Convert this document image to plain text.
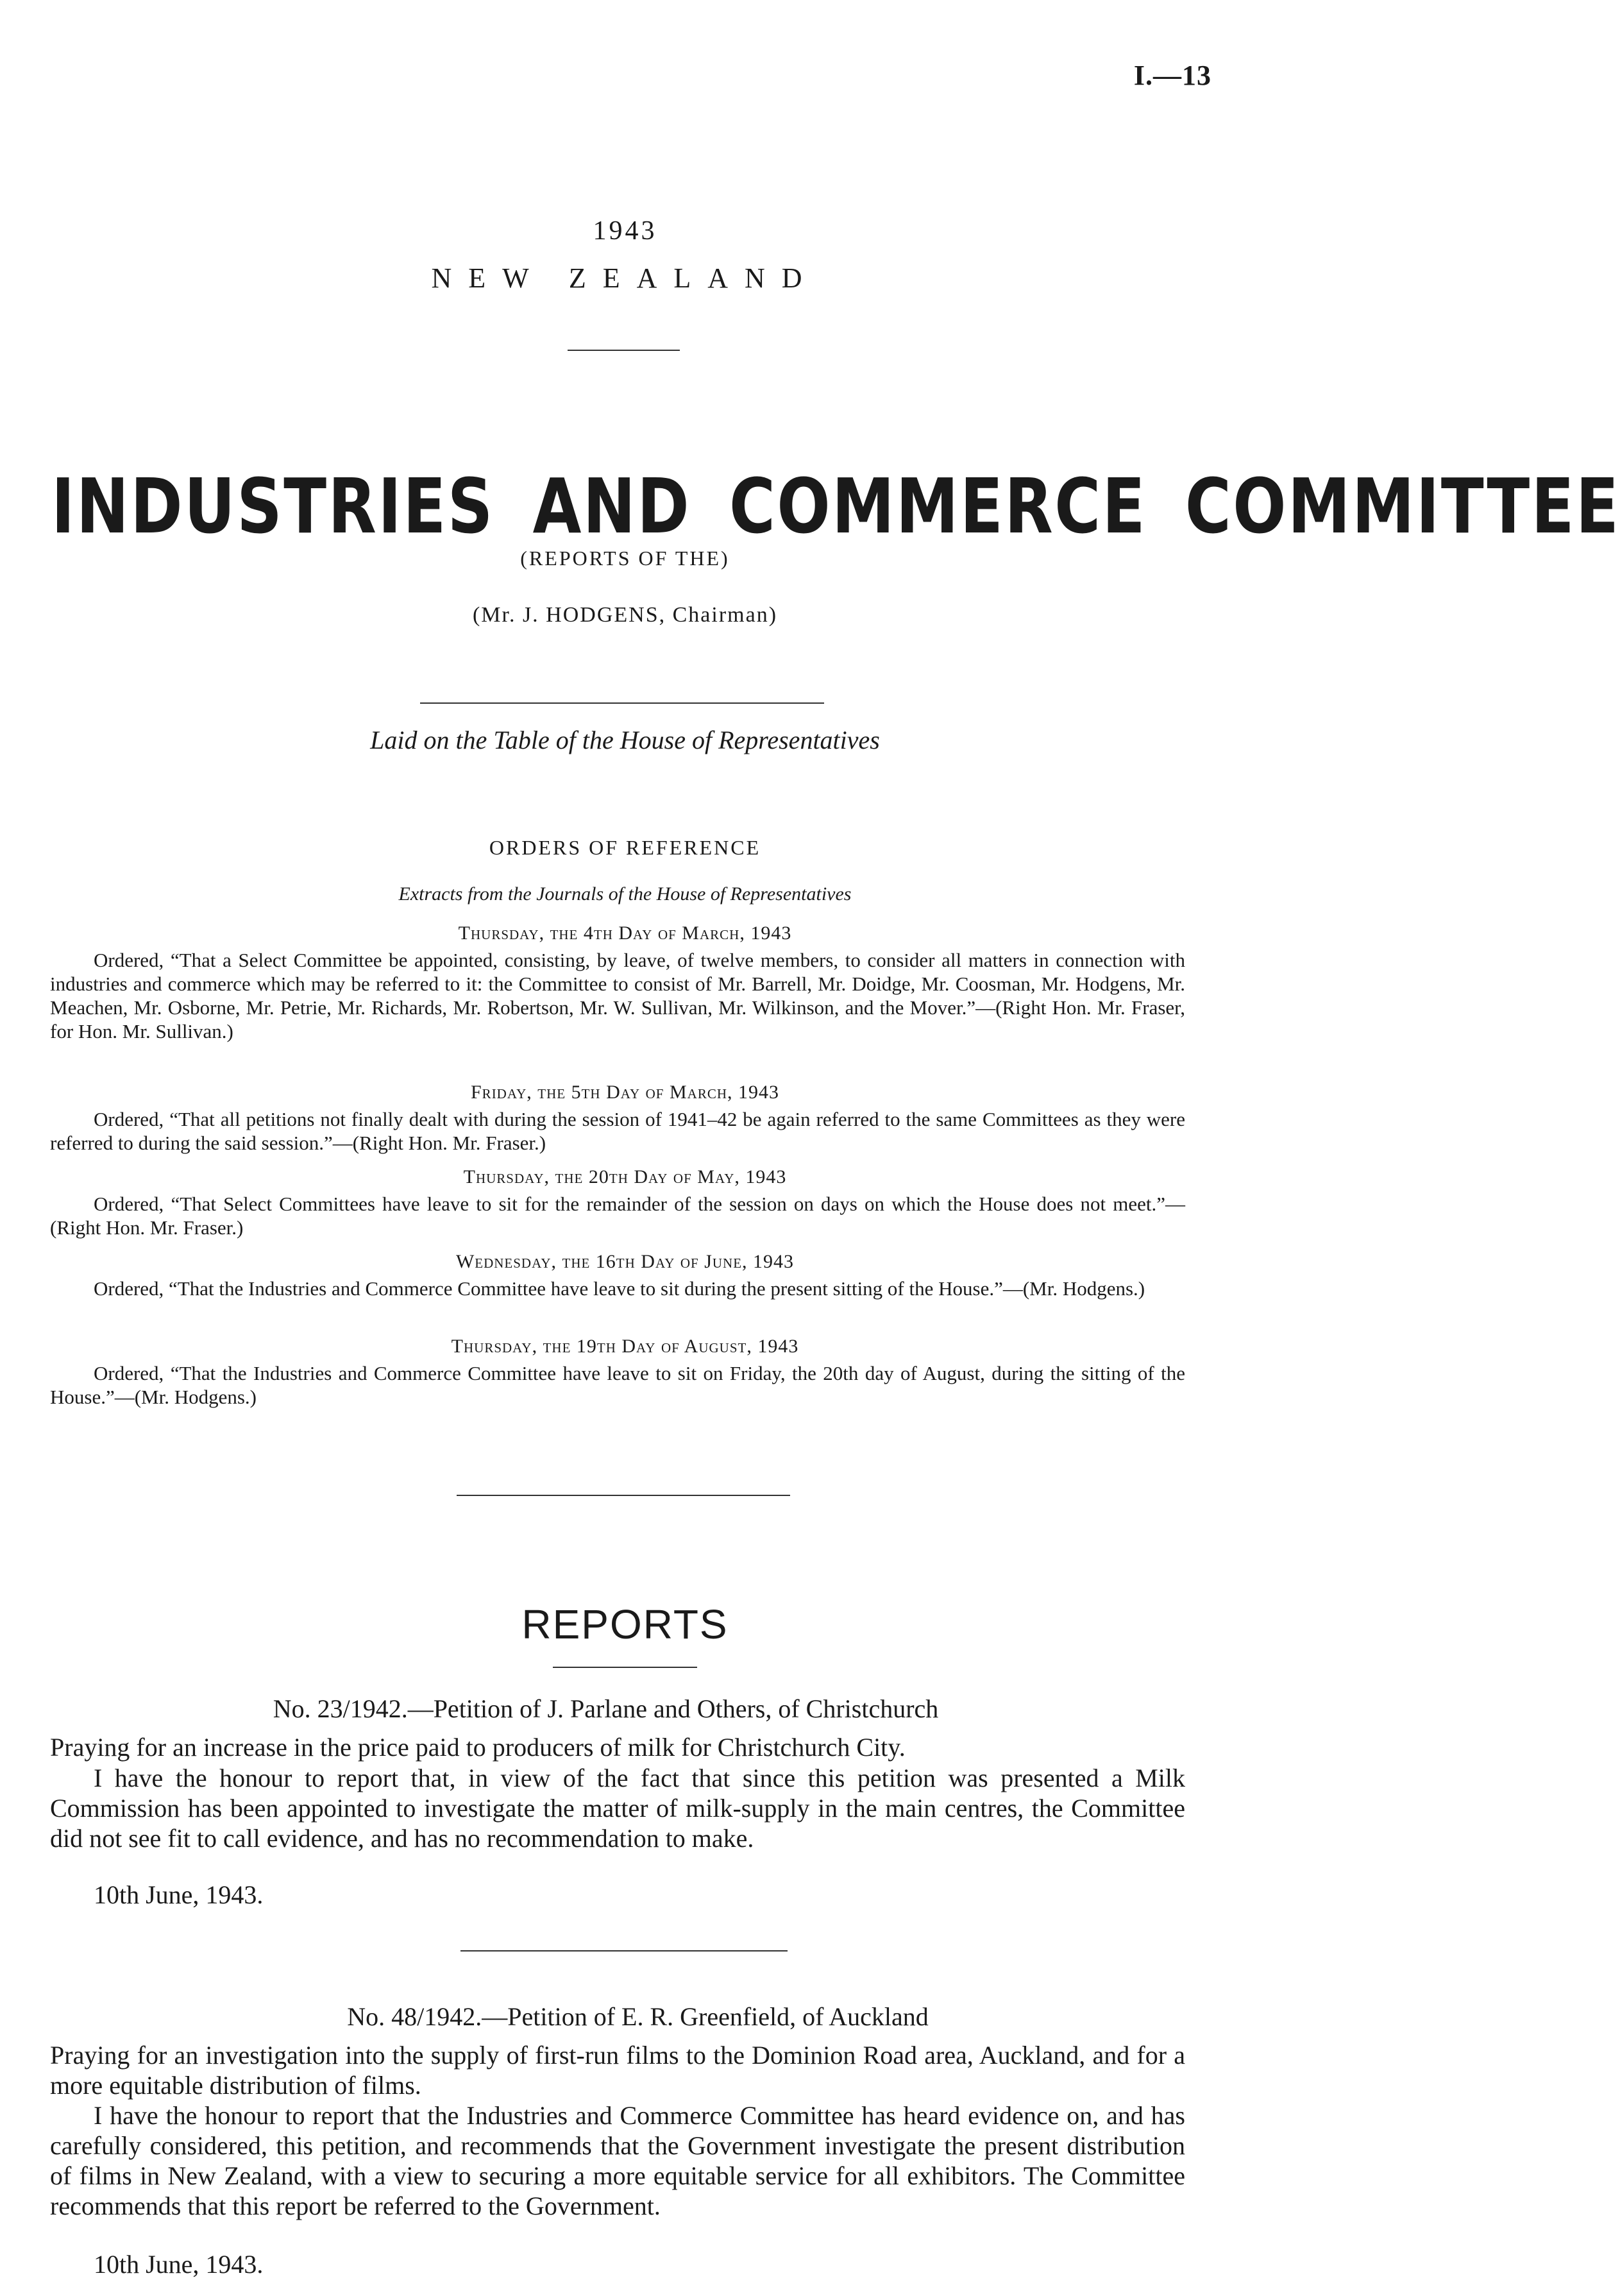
I.—13
1943
NEW ZEALAND
INDUSTRIES AND COMMERCE COMMITTEE
(REPORTS OF THE)
(Mr. J. HODGENS, Chairman)
Laid on the Table of the House of Representatives
ORDERS OF REFERENCE
Extracts from the Journals of the House of Representatives
Thursday, the 4th Day of March, 1943
Ordered, “That a Select Committee be appointed, consisting, by leave, of twelve members, to consider all matters in connection with industries and commerce which may be referred to it: the Committee to consist of Mr. Barrell, Mr. Doidge, Mr. Coosman, Mr. Hodgens, Mr. Meachen, Mr. Osborne, Mr. Petrie, Mr. Richards, Mr. Robertson, Mr. W. Sullivan, Mr. Wilkinson, and the Mover.”—(Right Hon. Mr. Fraser, for Hon. Mr. Sullivan.)
Friday, the 5th Day of March, 1943
Ordered, “That all petitions not finally dealt with during the session of 1941–42 be again referred to the same Committees as they were referred to during the said session.”—(Right Hon. Mr. Fraser.)
Thursday, the 20th Day of May, 1943
Ordered, “That Select Committees have leave to sit for the remainder of the session on days on which the House does not meet.”—(Right Hon. Mr. Fraser.)
Wednesday, the 16th Day of June, 1943
Ordered, “That the Industries and Commerce Committee have leave to sit during the present sitting of the House.”—(Mr. Hodgens.)
Thursday, the 19th Day of August, 1943
Ordered, “That the Industries and Commerce Committee have leave to sit on Friday, the 20th day of August, during the sitting of the House.”—(Mr. Hodgens.)
REPORTS
No. 23/1942.—Petition of J. Parlane and Others, of Christchurch
Praying for an increase in the price paid to producers of milk for Christchurch City.
I have the honour to report that, in view of the fact that since this petition was presented a Milk Commission has been appointed to investigate the matter of milk-supply in the main centres, the Committee did not see fit to call evidence, and has no recommendation to make.
10th June, 1943.
No. 48/1942.—Petition of E. R. Greenfield, of Auckland
Praying for an investigation into the supply of first-run films to the Dominion Road area, Auckland, and for a more equitable distribution of films.
I have the honour to report that the Industries and Commerce Committee has heard evidence on, and has carefully considered, this petition, and recommends that the Government investigate the present distribution of films in New Zealand, with a view to securing a more equitable service for all exhibitors. The Committee recommends that this report be referred to the Government.
10th June, 1943.
